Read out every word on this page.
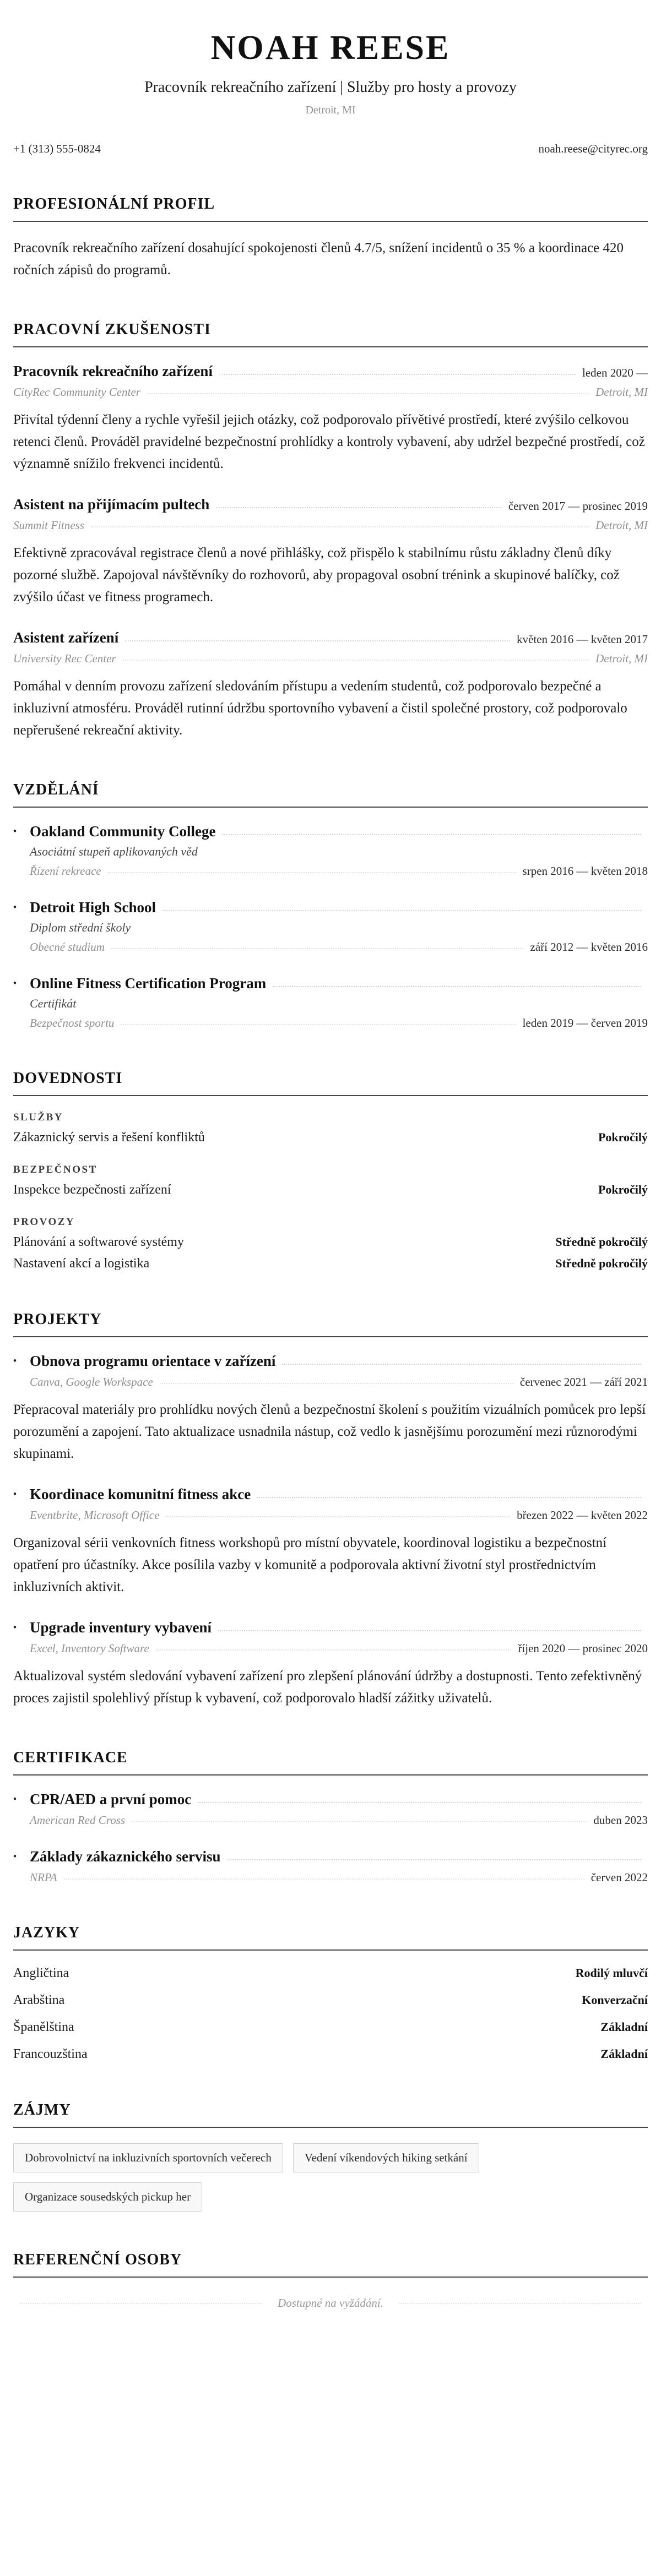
NOAH REESE
Pracovník rekreačního zařízení | Služby pro hosty a provozy
Detroit, MI
+1 (313) 555-0824	noah.reese@cityrec.org
PROFESIONÁLNÍ PROFIL

Pracovník rekreačního zařízení dosahující spokojenosti členů 4.7/5, snížení incidentů o 35 % a koordinace 420 ročních zápisů do programů.

PRACOVNÍ ZKUŠENOSTI
Pracovník rekreačního zařízení	leden 2020 —
CityRec Community Center	Detroit, MI

Přivítal týdenní členy a rychle vyřešil jejich otázky, což podporovalo přívětivé prostředí, které zvýšilo celkovou retenci členů. Prováděl pravidelné bezpečnostní prohlídky a kontroly vybavení, aby udržel bezpečné prostředí, což významně snížilo frekvenci incidentů.

Asistent na přijímacím pultech	červen 2017 — prosinec 2019
Summit Fitness	Detroit, MI

Efektivně zpracovával registrace členů a nové přihlášky, což přispělo k stabilnímu růstu základny členů díky pozorné službě. Zapojoval návštěvníky do rozhovorů, aby propagoval osobní trénink a skupinové balíčky, což zvýšilo účast ve fitness programech.

Asistent zařízení	květen 2016 — květen 2017
University Rec Center	Detroit, MI

Pomáhal v denním provozu zařízení sledováním přístupu a vedením studentů, což podporovalo bezpečné a inkluzivní atmosféru. Prováděl rutinní údržbu sportovního vybavení a čistil společné prostory, což podporovalo nepřerušené rekreační aktivity.

VZDĚLÁNÍ
• Oakland Community College
Asociátní stupeň aplikovaných věd
Řízení rekreace	srpen 2016 — květen 2018
• Detroit High School
Diplom střední školy
Obecné studium	září 2012 — květen 2016
• Online Fitness Certification Program
Certifikát
Bezpečnost sportu	leden 2019 — červen 2019
DOVEDNOSTI
SLUŽBY
Zákaznický servis a řešení konfliktů	Pokročilý
BEZPEČNOST
Inspekce bezpečnosti zařízení	Pokročilý
PROVOZY
Plánování a softwarové systémy	Středně pokročilý
Nastavení akcí a logistika	Středně pokročilý
PROJEKTY
• Obnova programu orientace v zařízení
Canva, Google Workspace	červenec 2021 — září 2021

Přepracoval materiály pro prohlídku nových členů a bezpečnostní školení s použitím vizuálních pomůcek pro lepší porozumění a zapojení. Tato aktualizace usnadnila nástup, což vedlo k jasnějšímu porozumění mezi různorodými skupinami.

• Koordinace komunitní fitness akce
Eventbrite, Microsoft Office	březen 2022 — květen 2022

Organizoval sérii venkovních fitness workshopů pro místní obyvatele, koordinoval logistiku a bezpečnostní opatření pro účastníky. Akce posílila vazby v komunitě a podporovala aktivní životní styl prostřednictvím inkluzivních aktivit.

• Upgrade inventury vybavení
Excel, Inventory Software	říjen 2020 — prosinec 2020

Aktualizoval systém sledování vybavení zařízení pro zlepšení plánování údržby a dostupnosti. Tento zefektivněný proces zajistil spolehlivý přístup k vybavení, což podporovalo hladší zážitky uživatelů.

CERTIFIKACE
• CPR/AED a první pomoc
American Red Cross	duben 2023
• Základy zákaznického servisu
NRPA	červen 2022
JAZYKY
Angličtina	Rodilý mluvčí
Arabština	Konverzační
Španělština	Základní
Francouzština	Základní
ZÁJMY
Dobrovolnictví na inkluzivních sportovních večerech	Vedení víkendových hiking setkání
Organizace sousedských pickup her
REFERENČNÍ OSOBY
Dostupné na vyžádání.
